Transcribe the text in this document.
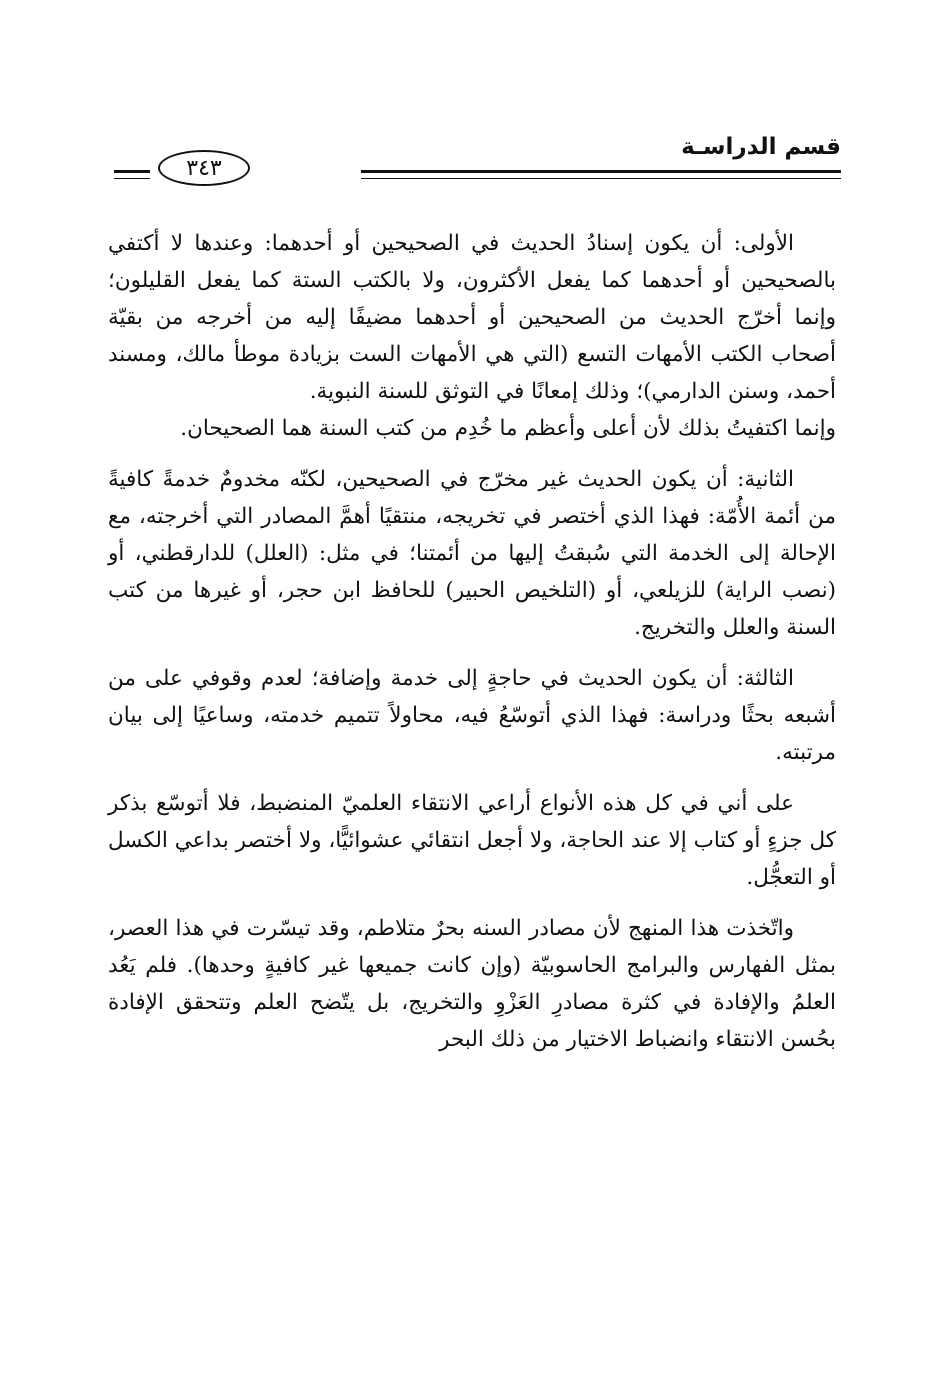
قسم الدراسـة
٣٤٣

الأولى: أن يكون إسنادُ الحديث في الصحيحين أو أحدهما: وعندها لا أكتفي بالصحيحين أو أحدهما كما يفعل الأكثرون، ولا بالكتب الستة كما يفعل القليلون؛ وإنما أخرّج الحديث من الصحيحين أو أحدهما مضيفًا إليه من أخرجه من بقيّة أصحاب الكتب الأمهات التسع (التي هي الأمهات الست بزيادة موطأ مالك، ومسند أحمد، وسنن الدارمي)؛ وذلك إمعانًا في التوثق للسنة النبوية.

وإنما اكتفيتُ بذلك لأن أعلى وأعظم ما خُدِم من كتب السنة هما الصحيحان.

الثانية: أن يكون الحديث غير مخرّج في الصحيحين، لكنّه مخدومٌ خدمةً كافيةً من أئمة الأُمّة: فهذا الذي أختصر في تخريجه، منتقيًا أهمَّ المصادر التي أخرجته، مع الإحالة إلى الخدمة التي سُبقتُ إليها من أئمتنا؛ في مثل: (العلل) للدارقطني، أو (نصب الراية) للزيلعي، أو (التلخيص الحبير) للحافظ ابن حجر، أو غيرها من كتب السنة والعلل والتخريج.

الثالثة: أن يكون الحديث في حاجةٍ إلى خدمة وإضافة؛ لعدم وقوفي على من أشبعه بحثًا ودراسة: فهذا الذي أتوسّعُ فيه، محاولاً تتميم خدمته، وساعيًا إلى بيان مرتبته.

على أني في كل هذه الأنواع أراعي الانتقاء العلميّ المنضبط، فلا أتوسّع بذكر كل جزءٍ أو كتاب إلا عند الحاجة، ولا أجعل انتقائي عشوائيًّا، ولا أختصر بداعي الكسل أو التعجُّل.

واتّخذت هذا المنهج لأن مصادر السنه بحرٌ متلاطم، وقد تيسّرت في هذا العصر، بمثل الفهارس والبرامج الحاسوبيّة (وإن كانت جميعها غير كافيةٍ وحدها). فلم يَعُد العلمُ والإفادة في كثرة مصادرِ العَزْوِ والتخريج، بل يتّضح العلم وتتحقق الإفادة بحُسن الانتقاء وانضباط الاختيار من ذلك البحر
